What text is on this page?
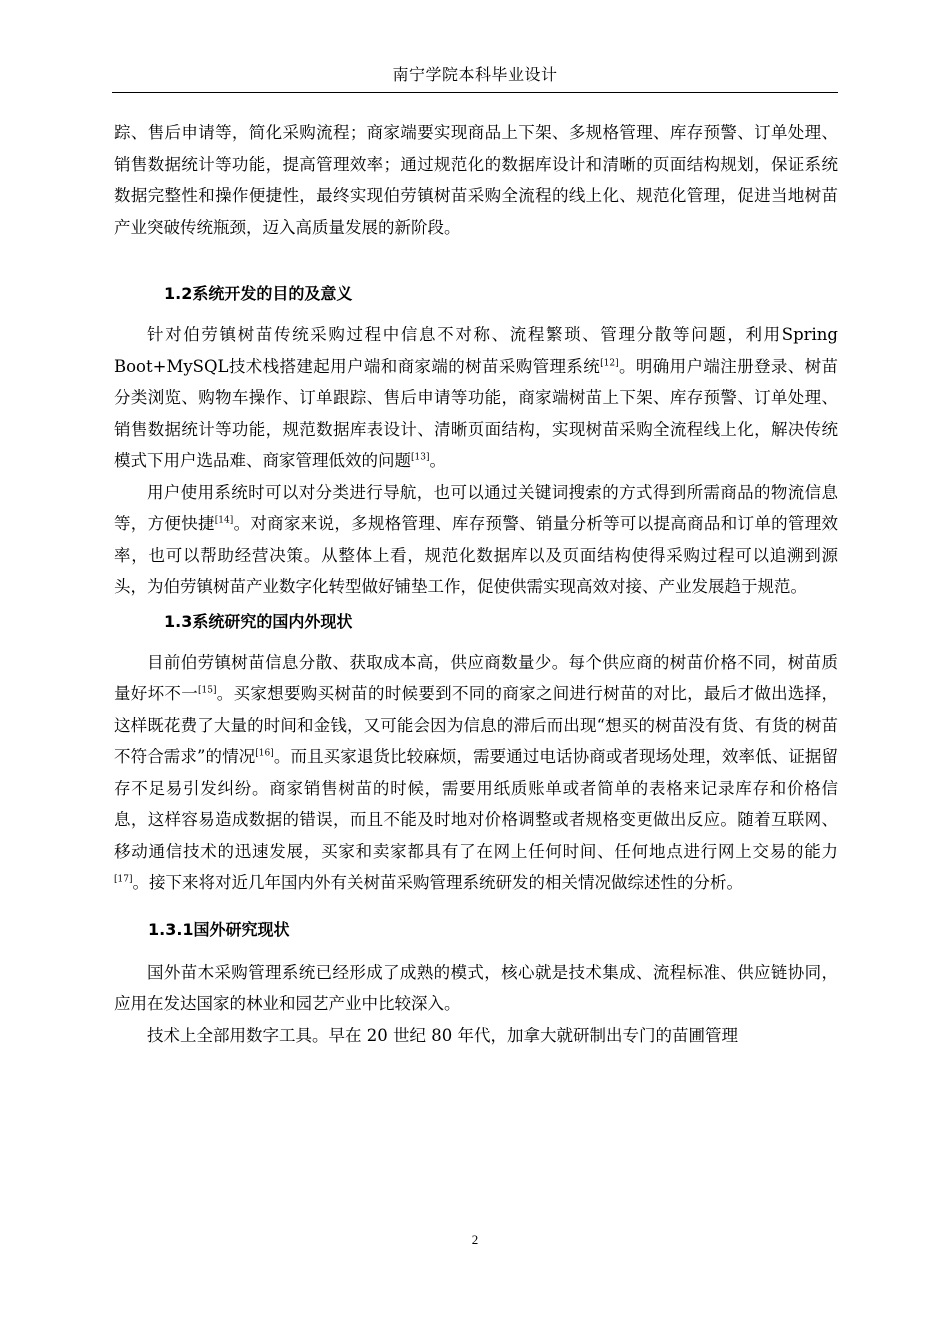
南宁学院本科毕业设计

踪、售后申请等，简化采购流程；商家端要实现商品上下架、多规格管理、库存预警、订单处理、销售数据统计等功能，提高管理效率；通过规范化的数据库设计和清晰的页面结构规划，保证系统数据完整性和操作便捷性，最终实现伯劳镇树苗采购全流程的线上化、规范化管理，促进当地树苗产业突破传统瓶颈，迈入高质量发展的新阶段。

1.2系统开发的目的及意义

针对伯劳镇树苗传统采购过程中信息不对称、流程繁琐、管理分散等问题，利用Spring Boot+MySQL技术栈搭建起用户端和商家端的树苗采购管理系统[12]。明确用户端注册登录、树苗分类浏览、购物车操作、订单跟踪、售后申请等功能，商家端树苗上下架、库存预警、订单处理、销售数据统计等功能，规范数据库表设计、清晰页面结构，实现树苗采购全流程线上化，解决传统模式下用户选品难、商家管理低效的问题[13]。

用户使用系统时可以对分类进行导航，也可以通过关键词搜索的方式得到所需商品的物流信息等，方便快捷[14]。对商家来说，多规格管理、库存预警、销量分析等可以提高商品和订单的管理效率，也可以帮助经营决策。从整体上看，规范化数据库以及页面结构使得采购过程可以追溯到源头，为伯劳镇树苗产业数字化转型做好铺垫工作，促使供需实现高效对接、产业发展趋于规范。

1.3系统研究的国内外现状

目前伯劳镇树苗信息分散、获取成本高，供应商数量少。每个供应商的树苗价格不同，树苗质量好坏不一[15]。买家想要购买树苗的时候要到不同的商家之间进行树苗的对比，最后才做出选择，这样既花费了大量的时间和金钱，又可能会因为信息的滞后而出现“想买的树苗没有货、有货的树苗不符合需求”的情况[16]。而且买家退货比较麻烦，需要通过电话协商或者现场处理，效率低、证据留存不足易引发纠纷。商家销售树苗的时候，需要用纸质账单或者简单的表格来记录库存和价格信息，这样容易造成数据的错误，而且不能及时地对价格调整或者规格变更做出反应。随着互联网、移动通信技术的迅速发展，买家和卖家都具有了在网上任何时间、任何地点进行网上交易的能力[17]。接下来将对近几年国内外有关树苗采购管理系统研发的相关情况做综述性的分析。

1.3.1国外研究现状

国外苗木采购管理系统已经形成了成熟的模式，核心就是技术集成、流程标准、供应链协同，应用在发达国家的林业和园艺产业中比较深入。

技术上全部用数字工具。早在 20 世纪 80 年代，加拿大就研制出专门的苗圃管理

2
